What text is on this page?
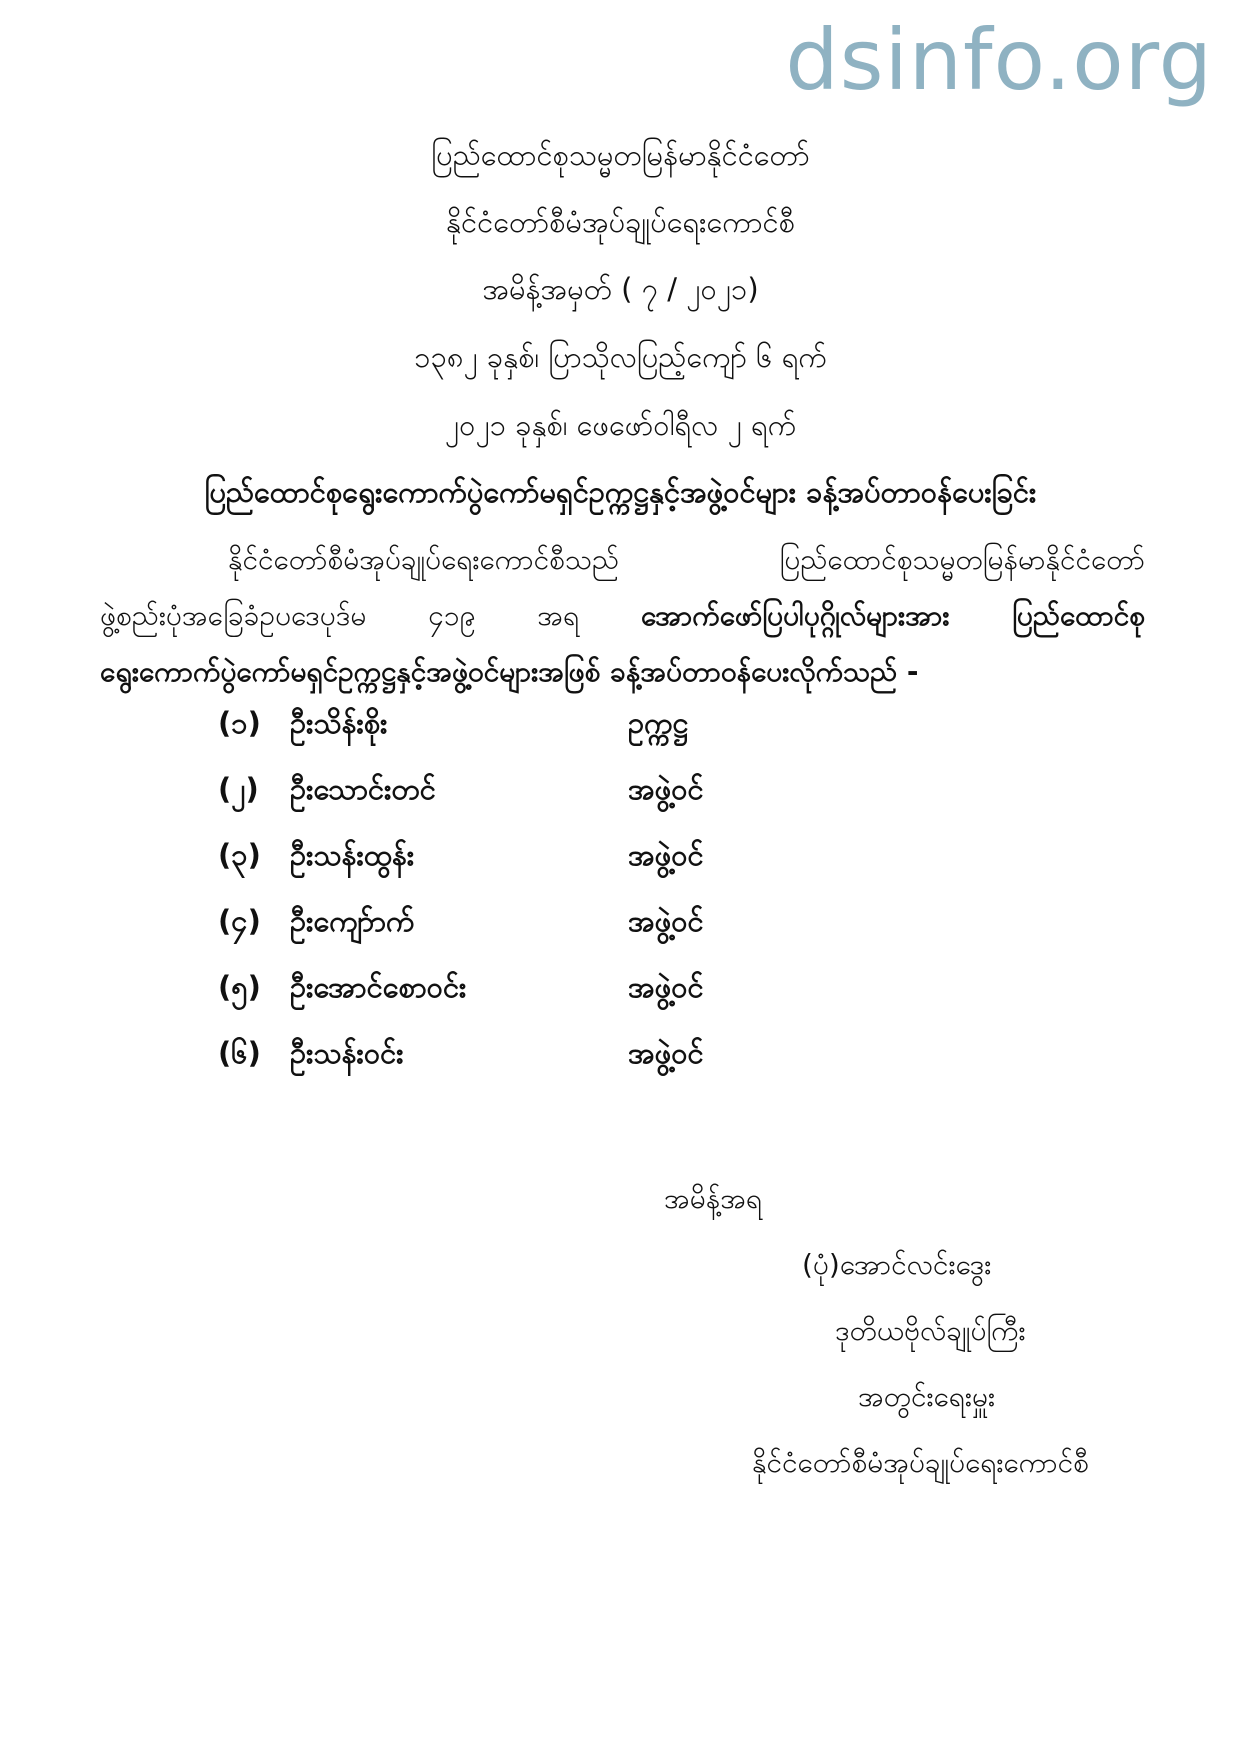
dsinfo.org
ပြည်ထောင်စုသမ္မတမြန်မာနိုင်ငံတော်
နိုင်ငံတော်စီမံအုပ်ချုပ်ရေးကောင်စီ
အမိန့်အမှတ် ( ၇ / ၂၀၂၁)
၁၃၈၂ ခုနှစ်၊ ပြာသိုလပြည့်ကျော် ၆ ရက်
၂၀၂၁ ခုနှစ်၊ ဖေဖော်ဝါရီလ ၂ ရက်
ပြည်ထောင်စုရွေးကောက်ပွဲကော်မရှင်ဥက္ကဋ္ဌနှင့်အဖွဲ့ဝင်များ ခန့်အပ်တာဝန်ပေးခြင်း
နိုင်ငံတော်စီမံအုပ်ချုပ်ရေးကောင်စီသည် ပြည်ထောင်စုသမ္မတမြန်မာနိုင်ငံတော်
ဖွဲ့စည်းပုံအခြေခံဥပဒေပုဒ်မ ၄၁၉ အရ အောက်ဖော်ပြပါပုဂ္ဂိုလ်များအား ပြည်ထောင်စု
ရွေးကောက်ပွဲကော်မရှင်ဥက္ကဋ္ဌနှင့်အဖွဲ့ဝင်များအဖြစ် ခန့်အပ်တာဝန်ပေးလိုက်သည် -
(၁) ဦးသိန်းစိုး	ဥက္ကဋ္ဌ
(၂) ဦးသောင်းတင်	အဖွဲ့ဝင်
(၃) ဦးသန်းထွန်း	အဖွဲ့ဝင်
(၄) ဦးကျော်ာက်	အဖွဲ့ဝင်
(၅) ဦးအောင်စောဝင်း	အဖွဲ့ဝင်
(၆) ဦးသန်းဝင်း	အဖွဲ့ဝင်
အမိန့်အရ
(ပုံ)အောင်လင်းဒွေး
ဒုတိယဗိုလ်ချုပ်ကြီး
အတွင်းရေးမှူး
နိုင်ငံတော်စီမံအုပ်ချုပ်ရေးကောင်စီ
